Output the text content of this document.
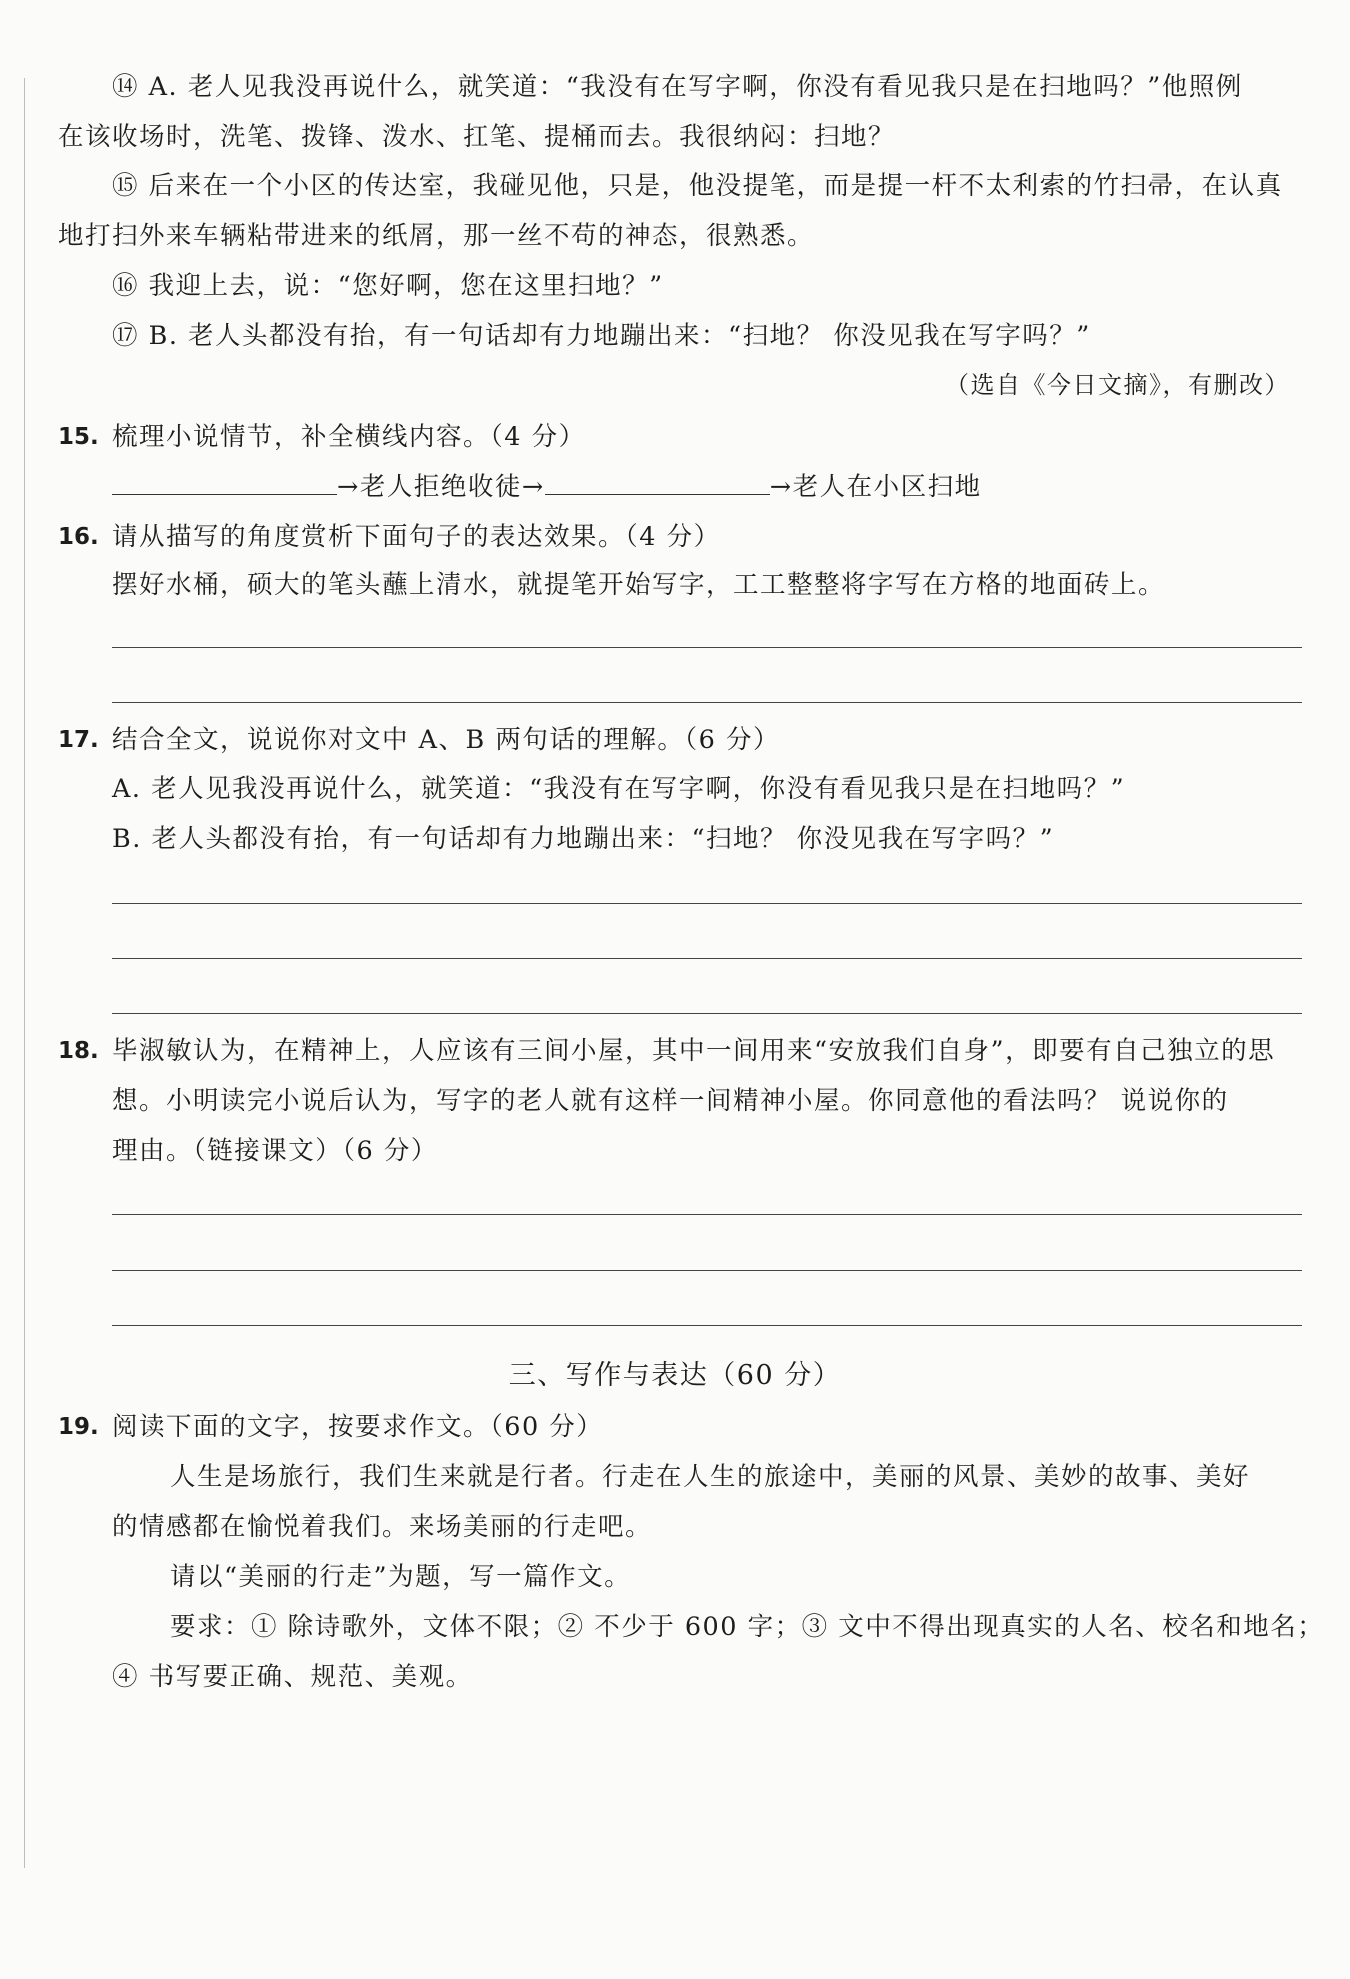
⑭ A. 老人见我没再说什么，就笑道：“我没有在写字啊，你没有看见我只是在扫地吗？”他照例
在该收场时，洗笔、拨锋、泼水、扛笔、提桶而去。我很纳闷：扫地？
⑮ 后来在一个小区的传达室，我碰见他，只是，他没提笔，而是提一杆不太利索的竹扫帚，在认真
地打扫外来车辆粘带进来的纸屑，那一丝不苟的神态，很熟悉。
⑯ 我迎上去，说：“您好啊，您在这里扫地？”
⑰ B. 老人头都没有抬，有一句话却有力地蹦出来：“扫地？ 你没见我在写字吗？”
（选自《今日文摘》，有删改）
15. 梳理小说情节，补全横线内容。（4 分）
→老人拒绝收徒→	→老人在小区扫地
16. 请从描写的角度赏析下面句子的表达效果。（4 分）
摆好水桶，硕大的笔头蘸上清水，就提笔开始写字，工工整整将字写在方格的地面砖上。
17. 结合全文，说说你对文中 A、B 两句话的理解。（6 分）
A. 老人见我没再说什么，就笑道：“我没有在写字啊，你没有看见我只是在扫地吗？”
B. 老人头都没有抬，有一句话却有力地蹦出来：“扫地？ 你没见我在写字吗？”
18. 毕淑敏认为，在精神上，人应该有三间小屋，其中一间用来“安放我们自身”，即要有自己独立的思
想。小明读完小说后认为，写字的老人就有这样一间精神小屋。你同意他的看法吗？ 说说你的
理由。（链接课文）（6 分）
三、写作与表达（60 分）
19. 阅读下面的文字，按要求作文。（60 分）
人生是场旅行，我们生来就是行者。行走在人生的旅途中，美丽的风景、美妙的故事、美好
的情感都在愉悦着我们。来场美丽的行走吧。
请以“美丽的行走”为题，写一篇作文。
要求：① 除诗歌外，文体不限；② 不少于 600 字；③ 文中不得出现真实的人名、校名和地名；
④ 书写要正确、规范、美观。
